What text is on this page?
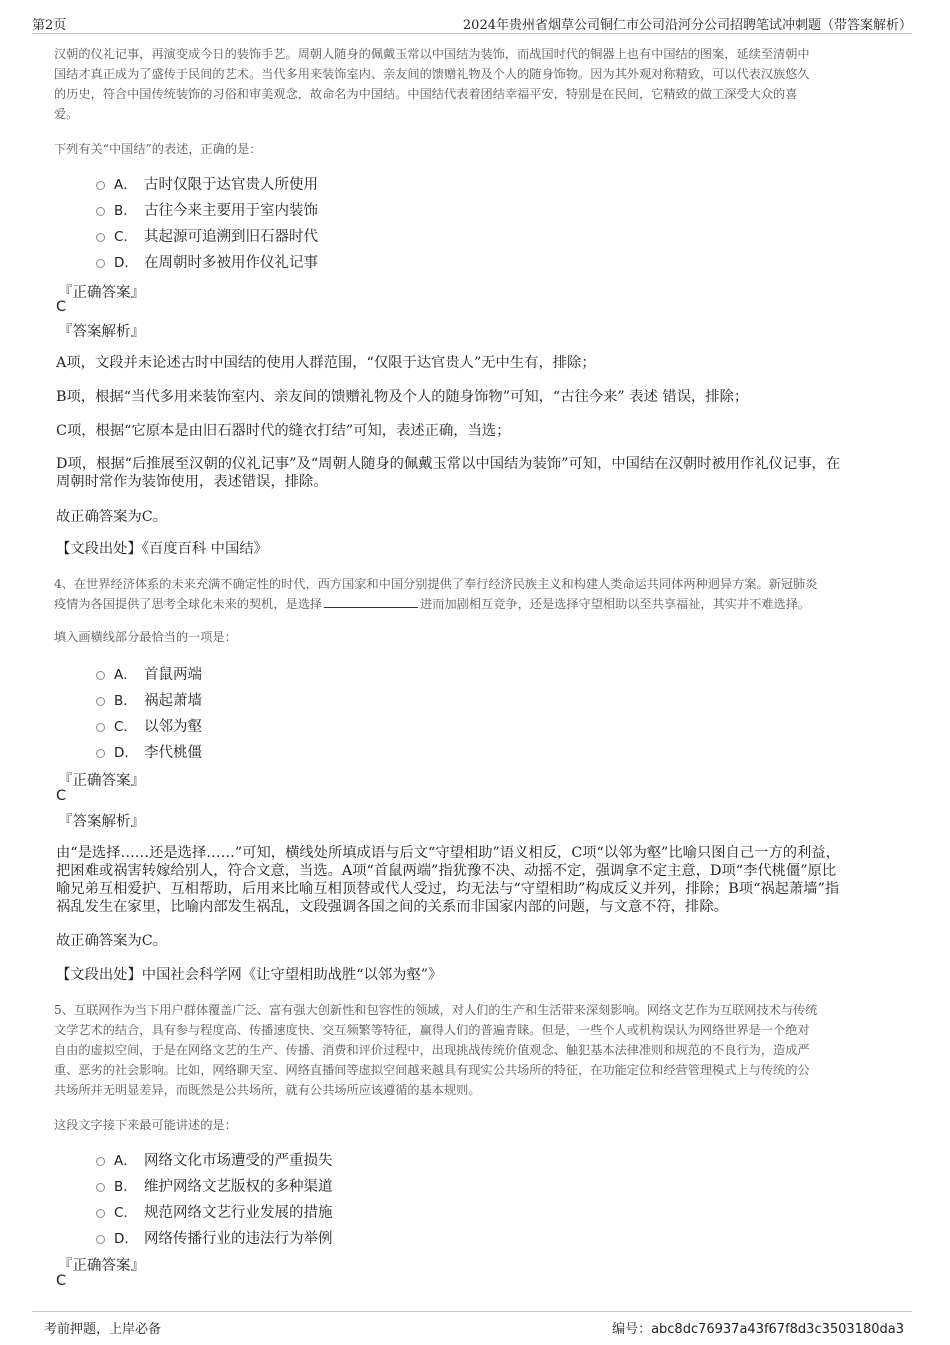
第2页	2024年贵州省烟草公司铜仁市公司沿河分公司招聘笔试冲刺题（带答案解析）
汉朝的仪礼记事，再演变成今日的装饰手艺。周朝人随身的佩戴玉常以中国结为装饰，而战国时代的铜器上也有中国结的图案，延续至清朝中
国结才真正成为了盛传于民间的艺术。当代多用来装饰室内、亲友间的馈赠礼物及个人的随身饰物。因为其外观对称精致，可以代表汉族悠久
的历史，符合中国传统装饰的习俗和审美观念，故命名为中国结。中国结代表着团结幸福平安，特别是在民间，它精致的做工深受大众的喜
爱。
下列有关“中国结”的表述，正确的是：
A． 古时仅限于达官贵人所使用
B． 古往今来主要用于室内装饰
C． 其起源可追溯到旧石器时代
D． 在周朝时多被用作仪礼记事
『正确答案』
C
『答案解析』
A项，文段并未论述古时中国结的使用人群范围，“仅限于达官贵人”无中生有，排除；
B项，根据“当代多用来装饰室内、亲友间的馈赠礼物及个人的随身饰物”可知，“古往今来” 表述 错误，排除；
C项，根据“它原本是由旧石器时代的缝衣打结”可知，表述正确，当选；
D项，根据“后推展至汉朝的仪礼记事”及“周朝人随身的佩戴玉常以中国结为装饰”可知，中国结在汉朝时被用作礼仪记事，在
周朝时常作为装饰使用，表述错误，排除。
故正确答案为C。
【文段出处】《百度百科 中国结》
4、在世界经济体系的未来充满不确定性的时代，西方国家和中国分别提供了奉行经济民族主义和构建人类命运共同体两种迥异方案。新冠肺炎
疫情为各国提供了思考全球化未来的契机，是选择	进而加剧相互竞争，还是选择守望相助以至共享福祉，其实并不难选择。
填入画横线部分最恰当的一项是：
A． 首鼠两端
B． 祸起萧墙
C． 以邻为壑
D． 李代桃僵
『正确答案』
C
『答案解析』
由“是选择……还是选择……”可知，横线处所填成语与后文“守望相助”语义相反，C项“以邻为壑”比喻只图自己一方的利益，
把困难或祸害转嫁给别人，符合文意，当选。A项“首鼠两端”指犹豫不决、动摇不定，强调拿不定主意，D项“李代桃僵”原比
喻兄弟互相爱护、互相帮助，后用来比喻互相顶替或代人受过，均无法与“守望相助”构成反义并列，排除；B项“祸起萧墙”指
祸乱发生在家里，比喻内部发生祸乱，文段强调各国之间的关系而非国家内部的问题，与文意不符，排除。
故正确答案为C。
【文段出处】中国社会科学网《让守望相助战胜“以邻为壑”》
5、互联网作为当下用户群体覆盖广泛、富有强大创新性和包容性的领域，对人们的生产和生活带来深刻影响。网络文艺作为互联网技术与传统
文学艺术的结合，具有参与程度高、传播速度快、交互频繁等特征，赢得人们的普遍青睐。但是，一些个人或机构误认为网络世界是一个绝对
自由的虚拟空间，于是在网络文艺的生产、传播、消费和评价过程中，出现挑战传统价值观念、触犯基本法律准则和规范的不良行为，造成严
重、恶劣的社会影响。比如，网络聊天室、网络直播间等虚拟空间越来越具有现实公共场所的特征，在功能定位和经营管理模式上与传统的公
共场所并无明显差异，而既然是公共场所，就有公共场所应该遵循的基本规则。
这段文字接下来最可能讲述的是：
A． 网络文化市场遭受的严重损失
B． 维护网络文艺版权的多种渠道
C． 规范网络文艺行业发展的措施
D． 网络传播行业的违法行为举例
『正确答案』
C
考前押题，上岸必备	编号：abc8dc76937a43f67f8d3c3503180da3
